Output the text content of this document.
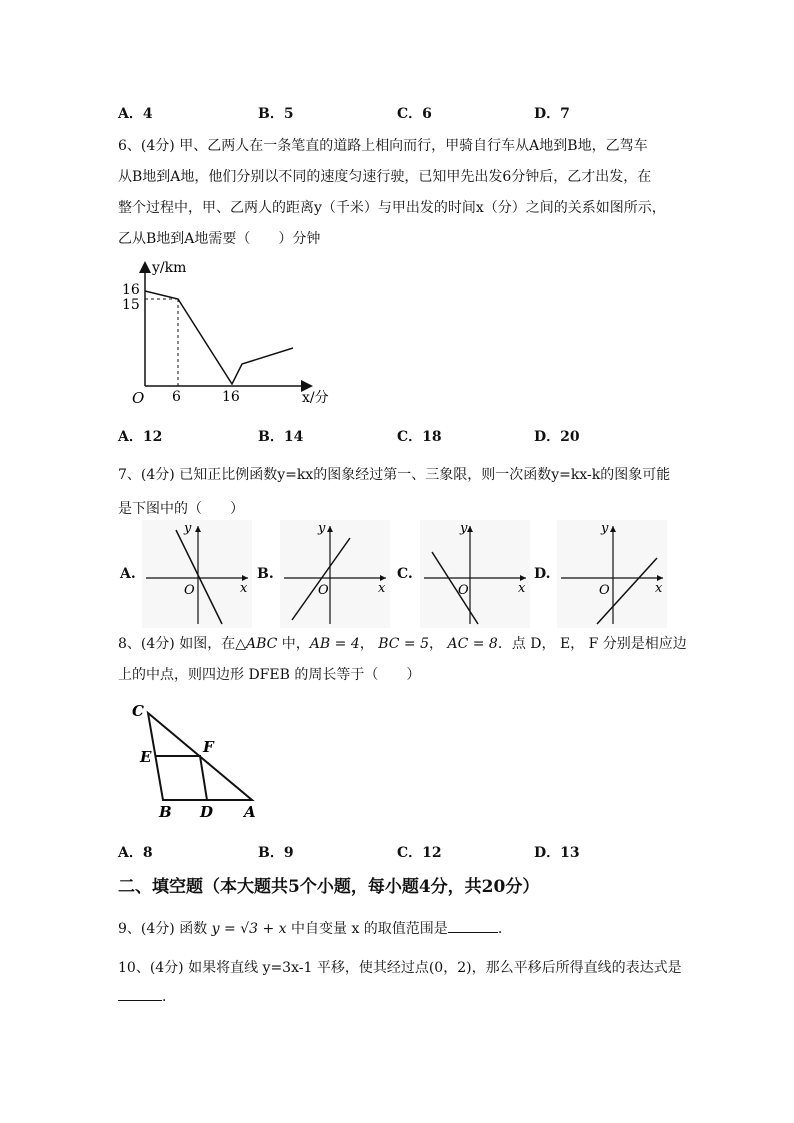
A．4	B．5	C．6	D．7
6、(4分) 甲、乙两人在一条笔直的道路上相向而行，甲骑自行车从A地到B地，乙驾车
从B地到A地，他们分别以不同的速度匀速行驶，已知甲先出发6分钟后，乙才出发，在
整个过程中，甲、乙两人的距离y（千米）与甲出发的时间x（分）之间的关系如图所示，
乙从B地到A地需要（　　）分钟
y/km
16
15
O 6	16	x/分
A．12	B．14	C．18	D．20
7、(4分) 已知正比例函数y=kx的图象经过第一、三象限，则一次函数y=kx-k的图象可能
是下图中的（　　）
A.
y
x
O
B.
y
x
O
C.
y
x
O
D.
y
x
O
8、(4分) 如图，在△ABC 中，AB = 4， BC = 5， AC = 8．点 D， E， F 分别是相应边
上的中点，则四边形 DFEB 的周长等于（　　）
C
E
F
B D A
A．8	B．9	C．12	D．13
二、填空题（本大题共5个小题，每小题4分，共20分）
9、(4分) 函数 y = √3 + x 中自变量 x 的取值范围是	．
10、(4分) 如果将直线 y=3x-1 平移，使其经过点(0，2)，那么平移后所得直线的表达式是
．
